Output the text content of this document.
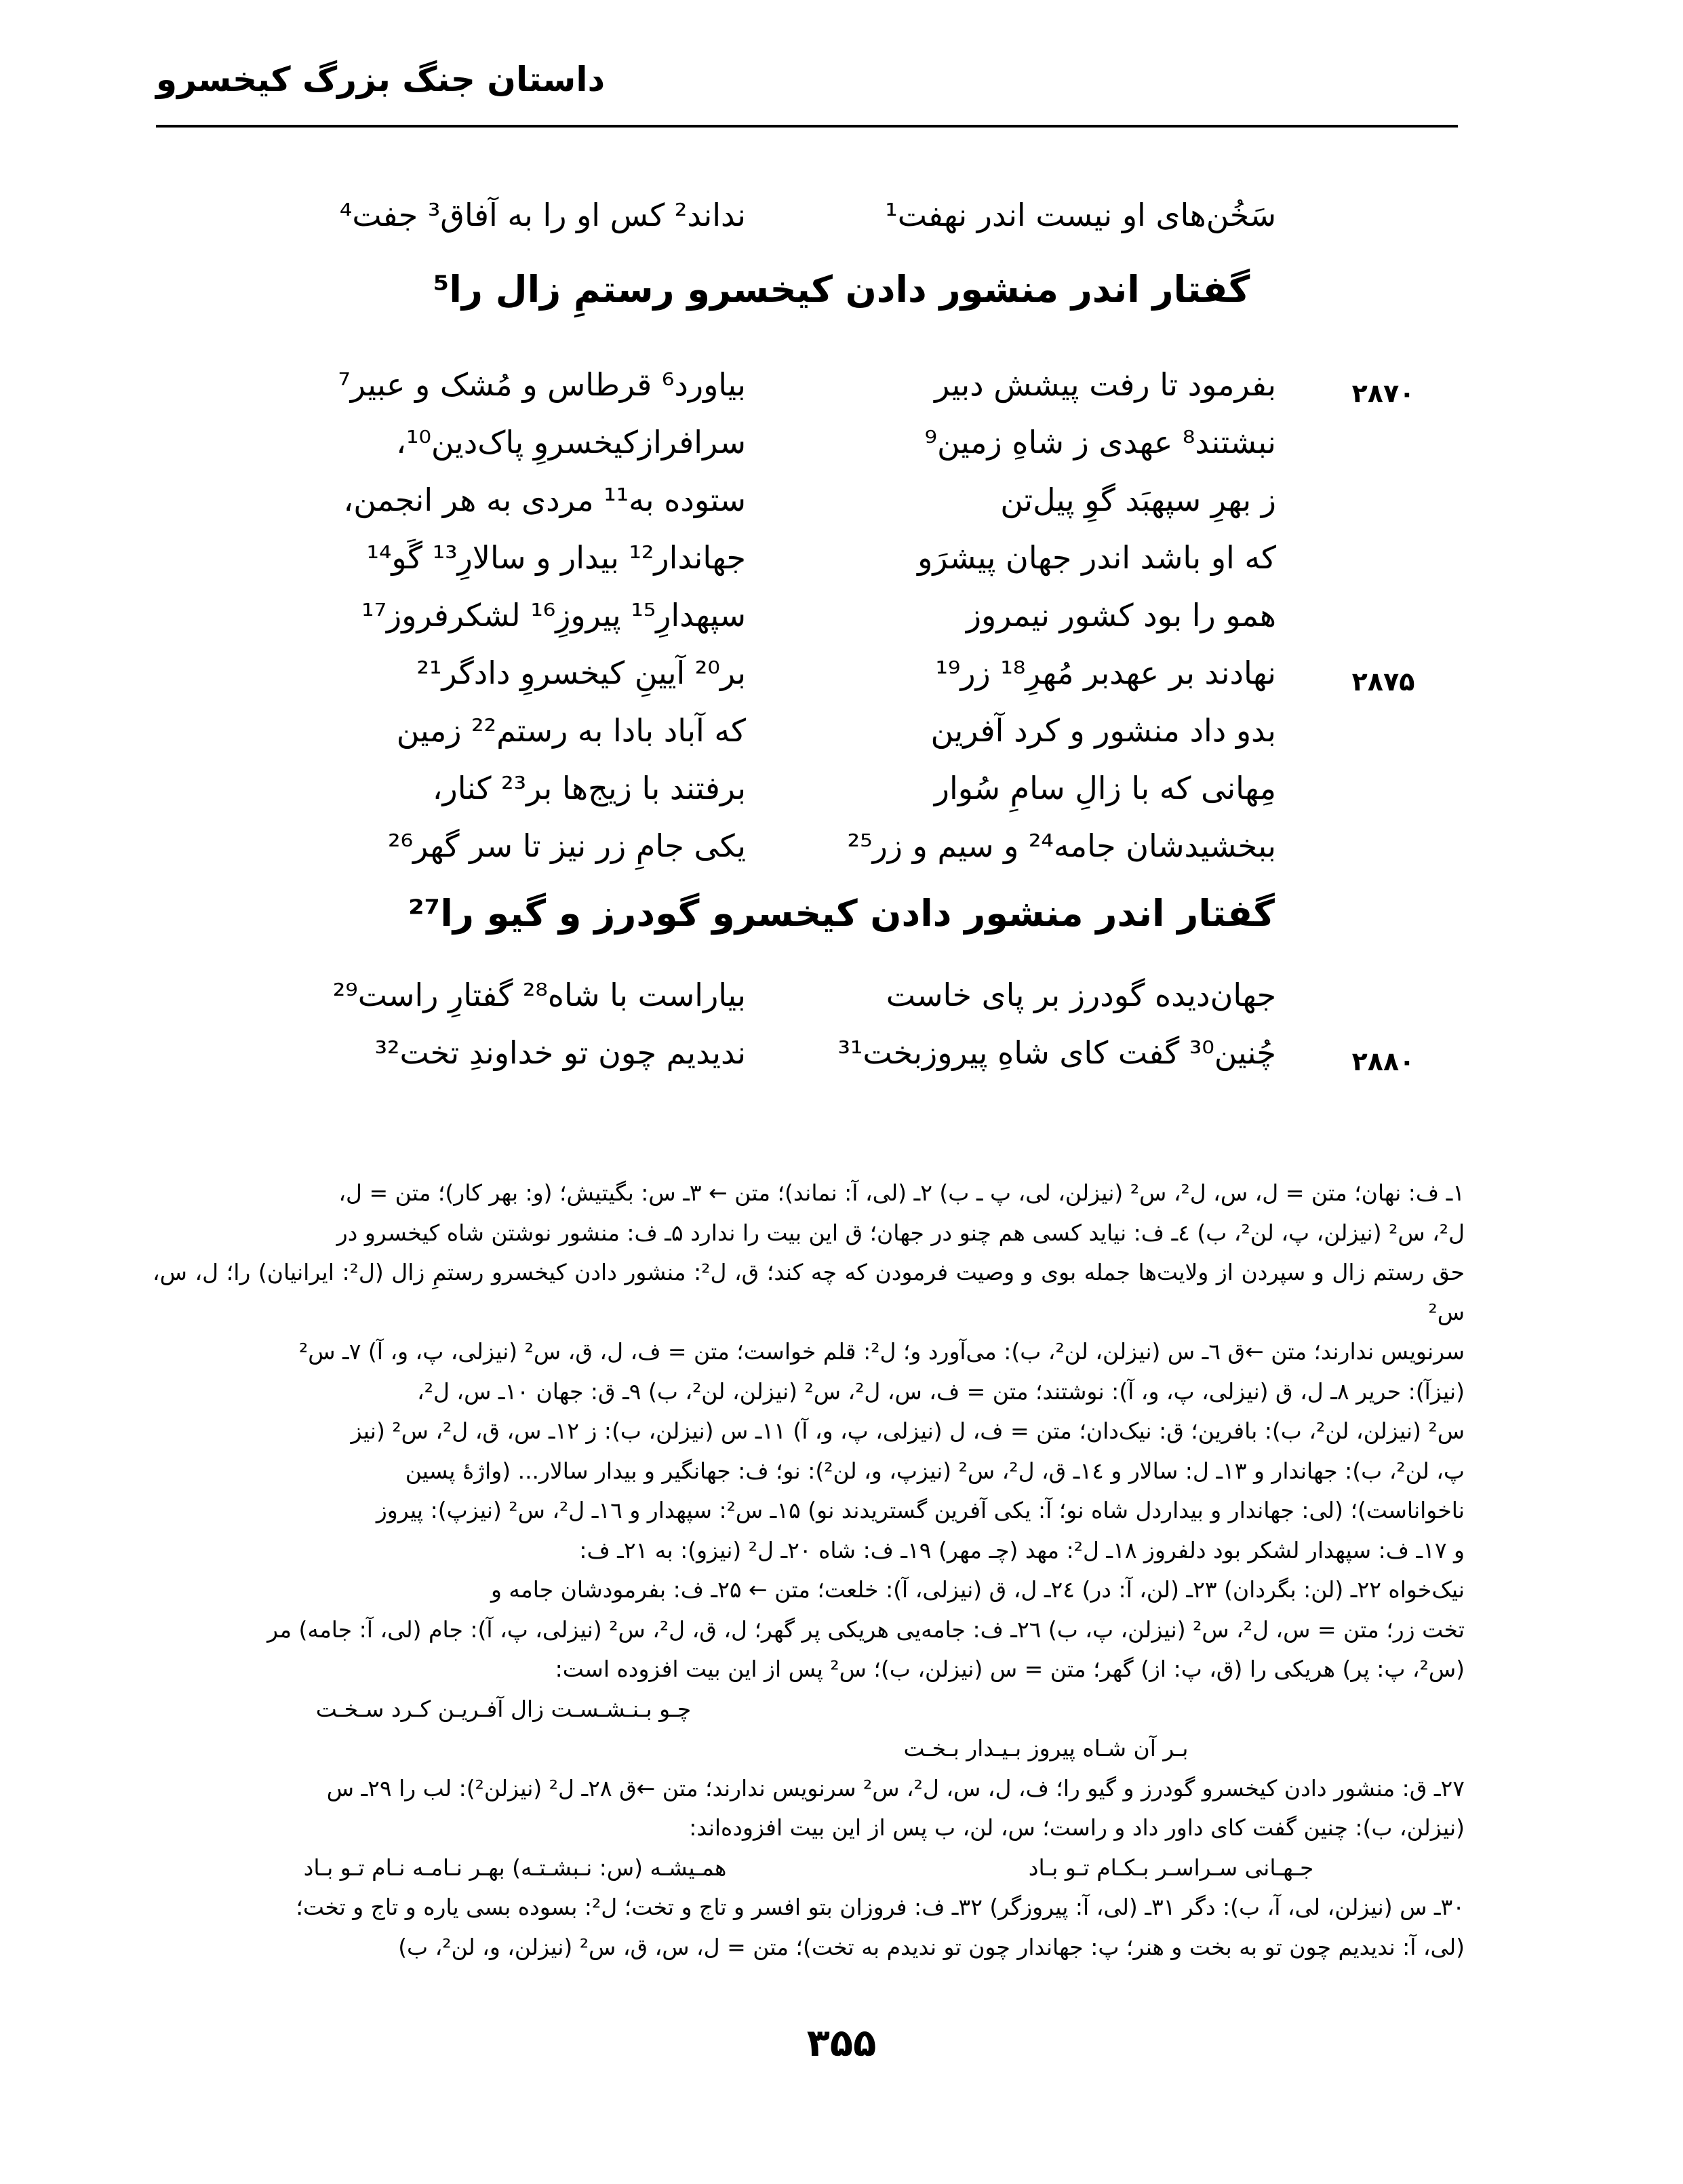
داستان جنگ بزرگ کیخسرو
سَخُن‌های او نیست اندر نهفت¹
نداند² کس او را به آفاق³ جفت⁴
گفتار اندر منشور دادن کیخسرو رستمِ زال را⁵
۲۸۷۰
بفرمود تا رفت پیشش دبیر
بیاورد⁶ قرطاس و مُشک و عبیر⁷
نبشتند⁸ عهدی ز شاهِ زمین⁹
سرافرازکیخسروِ پاک‌دین¹⁰،
ز بهرِ سپهبَد گوِ پیل‌تن
ستوده به¹¹ مردی به هر انجمن،
که او باشد اندر جهان پیشرَو
جهاندار¹² بیدار و سالارِ¹³ گَو¹⁴
همو را بود کشور نیمروز
سپهدارِ¹⁵ پیروزِ¹⁶ لشکرفروز¹⁷
۲۸۷۵
نهادند بر عهدبر مُهرِ¹⁸ زر¹⁹
بر²⁰ آیینِ کیخسروِ دادگر²¹
بدو داد منشور و کرد آفرین
که آباد بادا به رستم²² زمین
مِهانی که با زالِ سامِ سُوار
برفتند با زیج‌ها بر²³ کنار،
ببخشیدشان جامه²⁴ و سیم و زر²⁵
یکی جامِ زر نیز تا سر گهر²⁶
گفتار اندر منشور دادن کیخسرو گودرز و گیو را²⁷
جهان‌دیده گودرز بر پای خاست
بیاراست با شاه²⁸ گفتارِ راست²⁹
۲۸۸۰
چُنین³⁰ گفت کای شاهِ پیروزبخت³¹
ندیدیم چون تو خداوندِ تخت³²

۱ـ ف: نهان؛ متن = ل، س، ل²، س² (نیزلن، لی، پ ـ ب) ۲ـ (لی، آ: نماند)؛ متن ← ۳ـ س: بگیتیش؛ (و: بهر کار)؛ متن = ل،

ل²، س² (نیزلن، پ، لن²، ب) ٤ـ ف: نیاید کسی هم چنو در جهان؛ ق این بیت را ندارد ۵ـ ف: منشور نوشتن شاه کیخسرو در

حق رستم زال و سپردن از ولایت‌ها جمله بوی و وصیت فرمودن که چه کند؛ ق، ل²: منشور دادن کیخسرو رستمِ زال (ل²: ایرانیان) را؛ ل، س، س²

سرنویس ندارند؛ متن ←ق ٦ـ س (نیزلن، لن²، ب): می‌آورد و؛ ل²: قلم خواست؛ متن = ف، ل، ق، س² (نیزلی، پ، و، آ) ۷ـ س²

(نیزآ): حریر ۸ـ ل، ق (نیزلی، پ، و، آ): نوشتند؛ متن = ف، س، ل²، س² (نیزلن، لن²، ب) ۹ـ ق: جهان ۱۰ـ س، ل²،

س² (نیزلن، لن²، ب): بافرین؛ ق: نیک‌دان؛ متن = ف، ل (نیزلی، پ، و، آ) ۱۱ـ س (نیزلن، ب): ز ۱۲ـ س، ق، ل²، س² (نیز

پ، لن²، ب): جهاندار و ۱۳ـ ل: سالار و ۱٤ـ ق، ل²، س² (نیزپ، و، لن²): نو؛ ف: جهانگیر و بیدار سالار... (واژهٔ پسین

ناخواناست)؛ (لی: جهاندار و بیداردل شاه نو؛ آ: یکی آفرین گستریدند نو) ۱۵ـ س²: سپهدار و ۱٦ـ ل²، س² (نیزپ): پیروز

و ۱۷ـ ف: سپهدار لشکر بود دلفروز ۱۸ـ ل²: مهد (چـ مهر) ۱۹ـ ف: شاه ۲۰ـ ل² (نیزو): به ۲۱ـ ف:

نیک‌خواه ۲۲ـ (لن: بگردان) ۲۳ـ (لن، آ: در) ۲٤ـ ل، ق (نیزلی، آ): خلعت؛ متن ← ۲۵ـ ف: بفرمودشان جامه و

تخت زر؛ متن = س، ل²، س² (نیزلن، پ، ب) ۲٦ـ ف: جامه‌یی هریکی پر گهر؛ ل، ق، ل²، س² (نیزلی، پ، آ): جام (لی، آ: جامه) مر

(س²، پ: پر) هریکی را (ق، پ: از) گهر؛ متن = س (نیزلن، ب)؛ س² پس از این بیت افزوده است:

چـو بـنـشـسـت زال آفـریـن کـرد سـخـت

بـر آن شـاه پیروز بـیـدار بـخـت

۲۷ـ ق: منشور دادن کیخسرو گودرز و گیو را؛ ف، ل، س، ل²، س² سرنویس ندارند؛ متن ←ق ۲۸ـ ل² (نیزلن²): لب را ۲۹ـ س

(نیزلن، ب): چنین گفت کای داور داد و راست؛ س، لن، ب پس از این بیت افزوده‌اند:

جـهـانی سـراسـر بـکـام تـو بـاد
همـیشـه (س: نـبشـتـه) بهـر نـامـه نـام تـو بـاد

۳۰ـ س (نیزلن، لی، آ، ب): دگر ۳۱ـ (لی، آ: پیروزگر) ۳۲ـ ف: فروزان بتو افسر و تاج و تخت؛ ل²: بسوده بسی یاره و تاج و تخت؛

(لی، آ: ندیدیم چون تو به بخت و هنر؛ پ: جهاندار چون تو ندیدم به تخت)؛ متن = ل، س، ق، س² (نیزلن، و، لن²، ب)

۳۵۵
